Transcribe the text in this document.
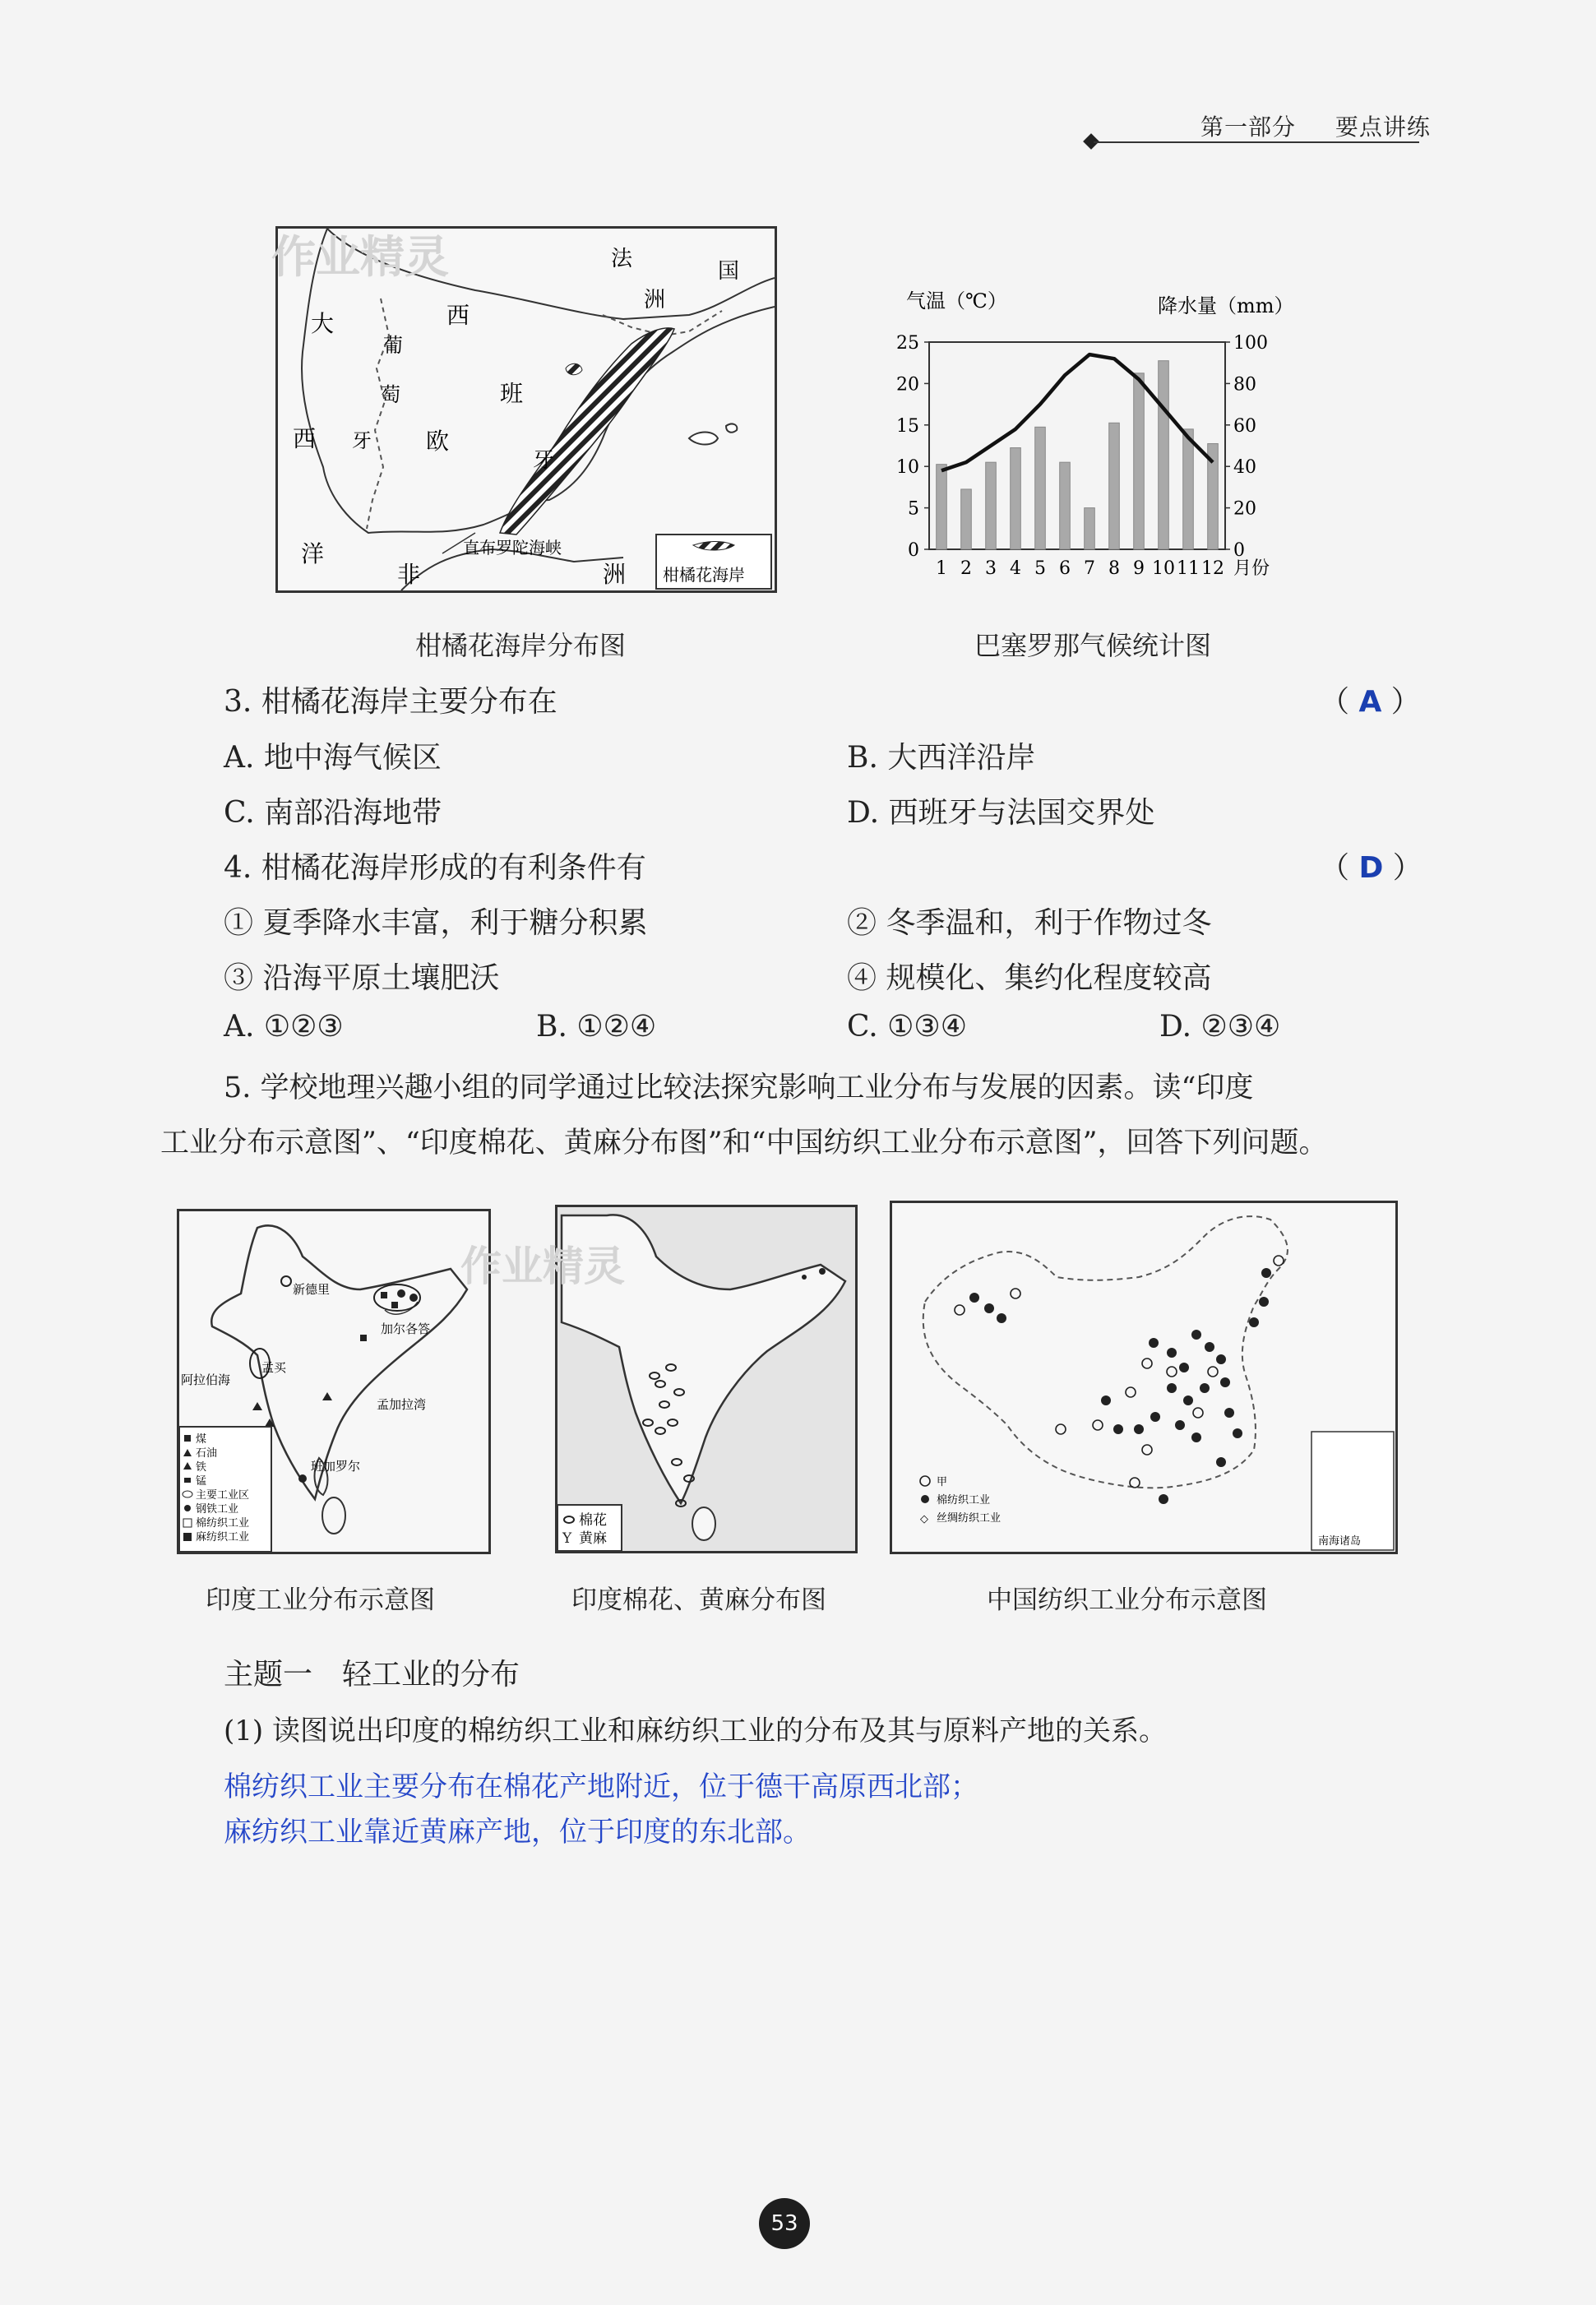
第一部分 要点讲练
柑橘花海岸
法
洲
国
大	西
葡
萄
牙
班
欧
西
牙
洋
非	洲
直布罗陀海峡
作业精灵
柑橘花海岸分布图
气温（℃）	降水量（mm）
0
5
10
15
20
25
0
20
40
60
80
100
1 2 3 4 5 6 7 8 9 10 11 12 月份
巴塞罗那气候统计图
3. 柑橘花海岸主要分布在	（ A ）
A. 地中海气候区	B. 大西洋沿岸
C. 南部沿海地带	D. 西班牙与法国交界处
4. 柑橘花海岸形成的有利条件有	（ D ）
① 夏季降水丰富，利于糖分积累	② 冬季温和，利于作物过冬
③ 沿海平原土壤肥沃	④ 规模化、集约化程度较高
A. ①②③	B. ①②④	C. ①③④	D. ②③④
5. 学校地理兴趣小组的同学通过比较法探究影响工业分布与发展的因素。读“印度
工业分布示意图”、“印度棉花、黄麻分布图”和“中国纺织工业分布示意图”，回答下列问题。
新德里
加尔各答
孟买
班加罗尔
阿拉伯海
孟加拉湾
煤
石油
铁
锰
主要工业区
钢铁工业
棉纺织工业
麻纺织工业
印度工业分布示意图
棉花
Y 黄麻
作业精灵
印度棉花、黄麻分布图
南海诸岛
甲
棉纺织工业
◇ 丝绸纺织工业
中国纺织工业分布示意图
主题一　轻工业的分布
(1) 读图说出印度的棉纺织工业和麻纺织工业的分布及其与原料产地的关系。
棉纺织工业主要分布在棉花产地附近，位于德干高原西北部；
麻纺织工业靠近黄麻产地，位于印度的东北部。
53
